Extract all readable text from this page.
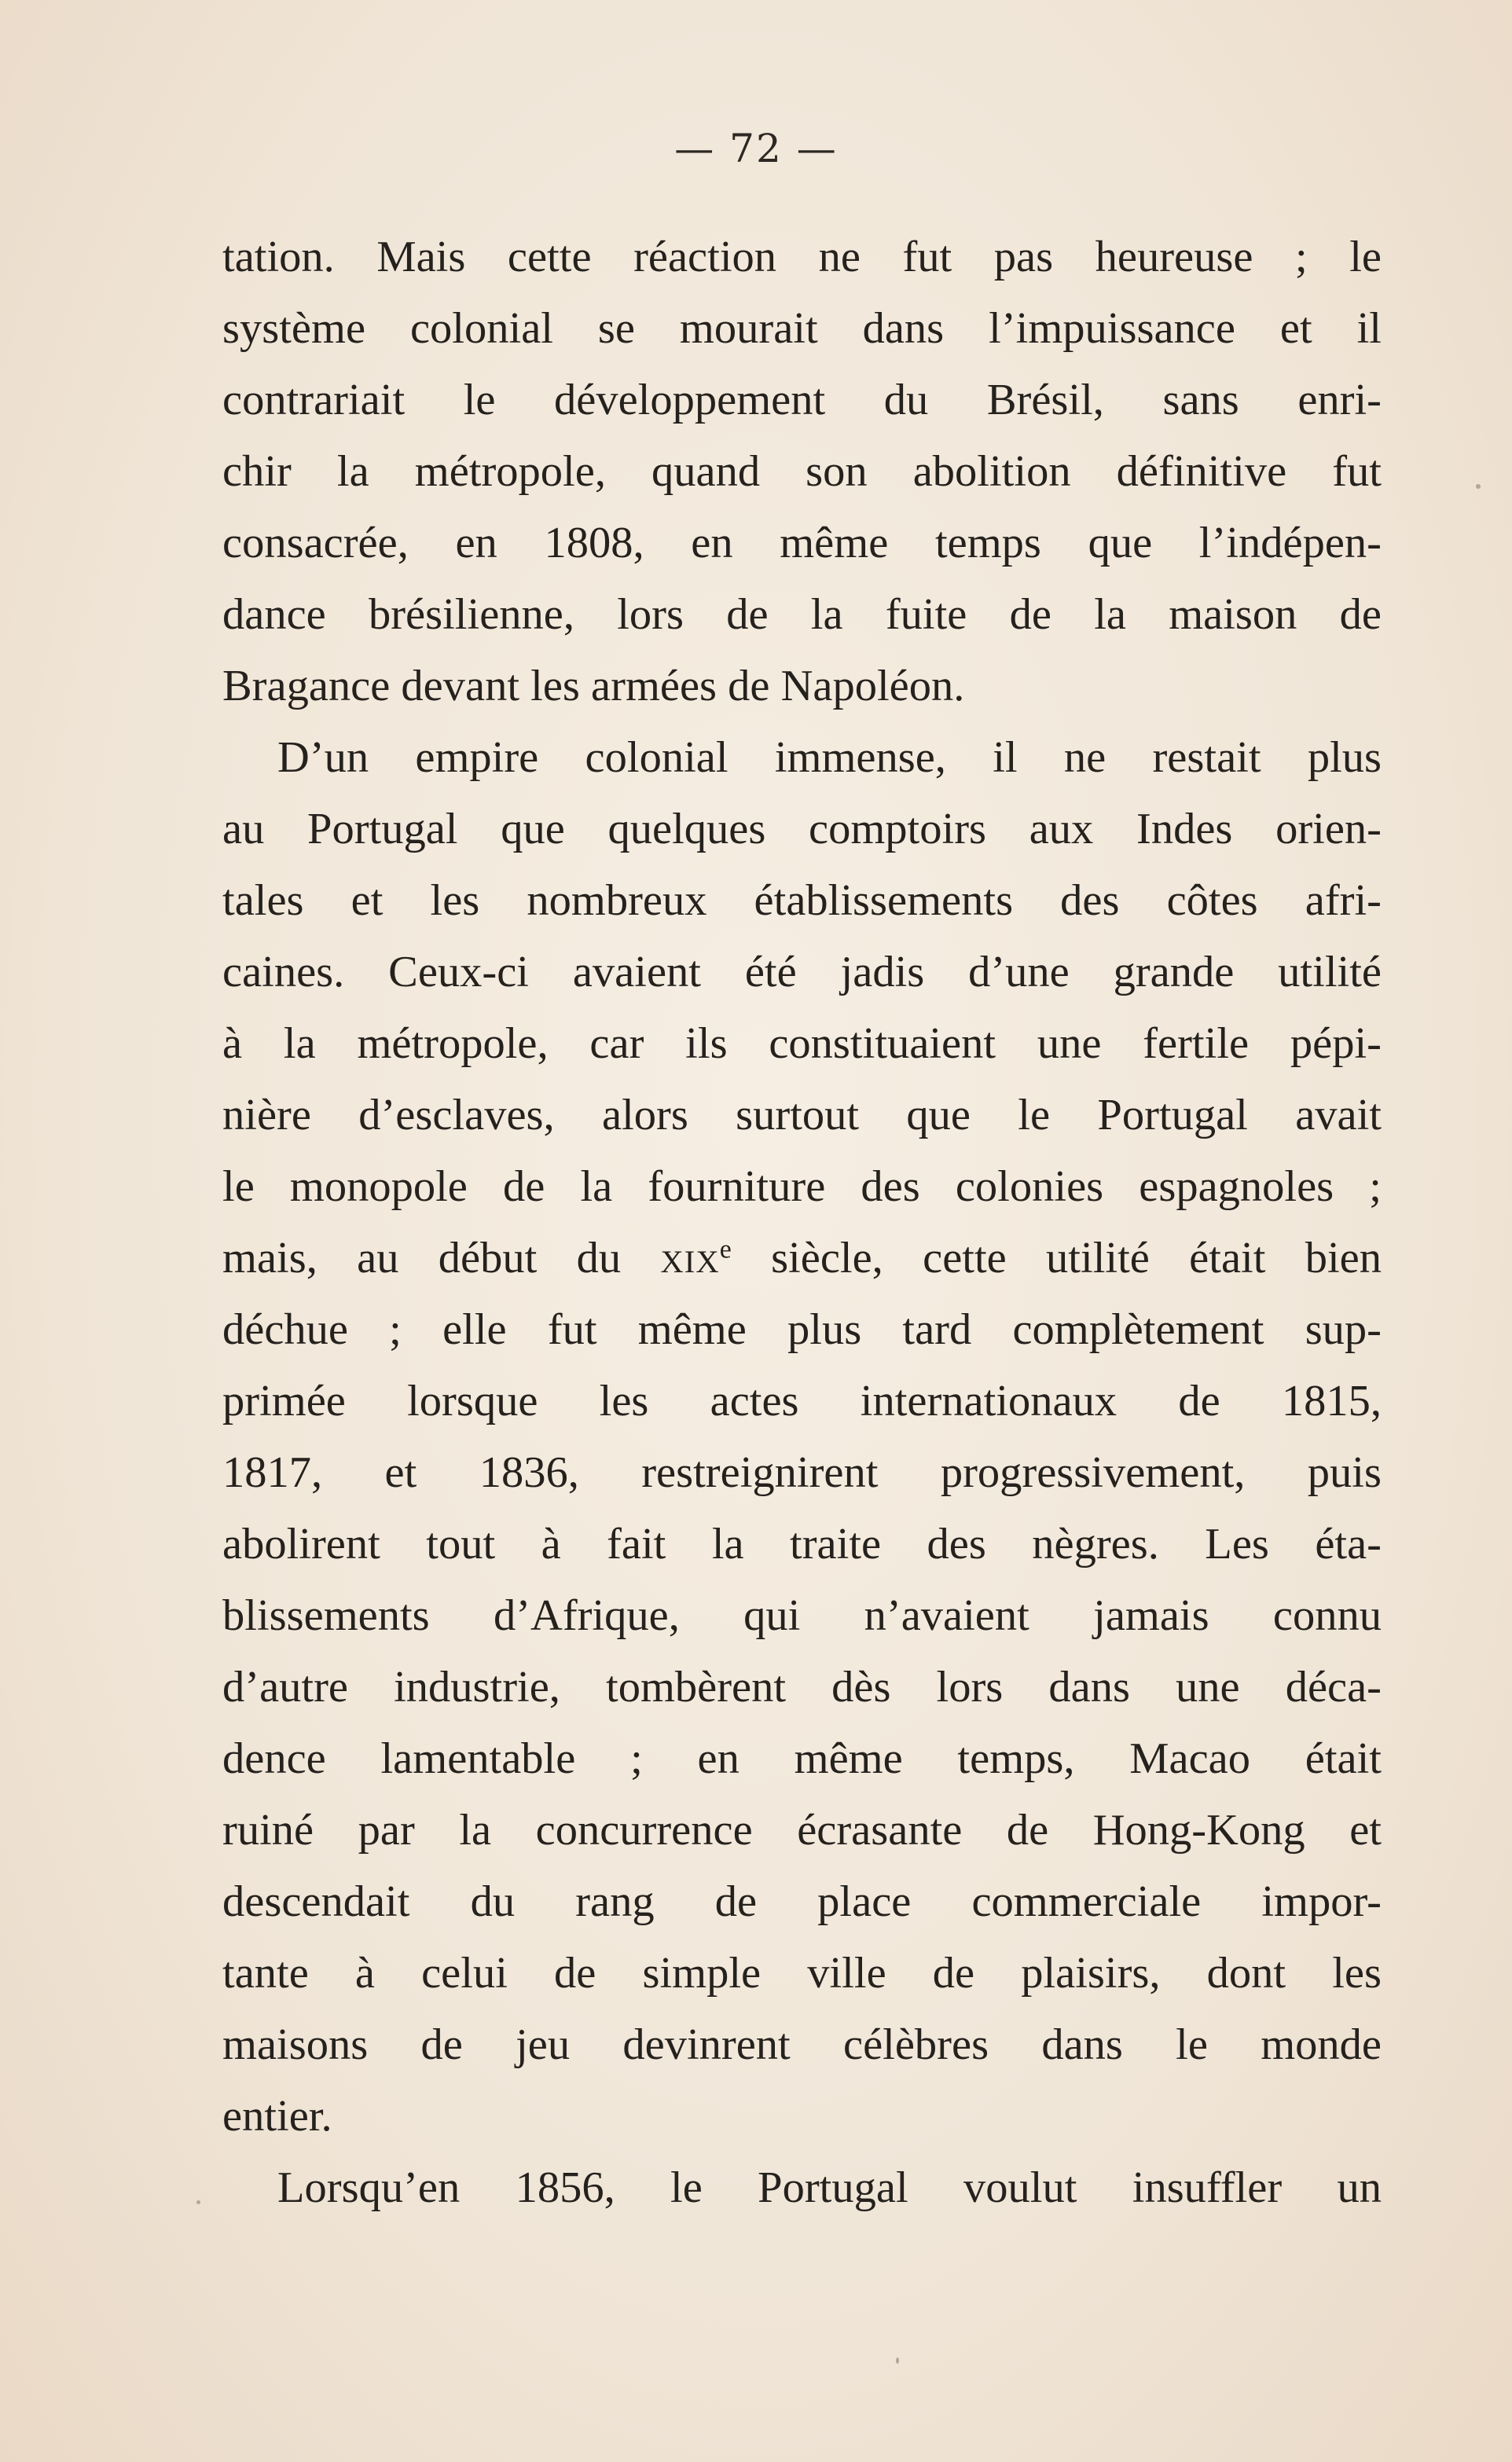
— 72 —
tation. Mais cette réaction ne fut pas heureuse ; le
système colonial se mourait dans l’impuissance et il
contrariait le développement du Brésil, sans enri-
chir la métropole, quand son abolition définitive fut
consacrée, en 1808, en même temps que l’indépen-
dance brésilienne, lors de la fuite de la maison de
Bragance devant les armées de Napoléon.
D’un empire colonial immense, il ne restait plus
au Portugal que quelques comptoirs aux Indes orien-
tales et les nombreux établissements des côtes afri-
caines. Ceux-ci avaient été jadis d’une grande utilité
à la métropole, car ils constituaient une fertile pépi-
nière d’esclaves, alors surtout que le Portugal avait
le monopole de la fourniture des colonies espagnoles ;
mais, au début du XIXe siècle, cette utilité était bien
déchue ; elle fut même plus tard complètement sup-
primée lorsque les actes internationaux de 1815,
1817, et 1836, restreignirent progressivement, puis
abolirent tout à fait la traite des nègres. Les éta-
blissements d’Afrique, qui n’avaient jamais connu
d’autre industrie, tombèrent dès lors dans une déca-
dence lamentable ; en même temps, Macao était
ruiné par la concurrence écrasante de Hong-Kong et
descendait du rang de place commerciale impor-
tante à celui de simple ville de plaisirs, dont les
maisons de jeu devinrent célèbres dans le monde
entier.
Lorsqu’en 1856, le Portugal voulut insuffler un
